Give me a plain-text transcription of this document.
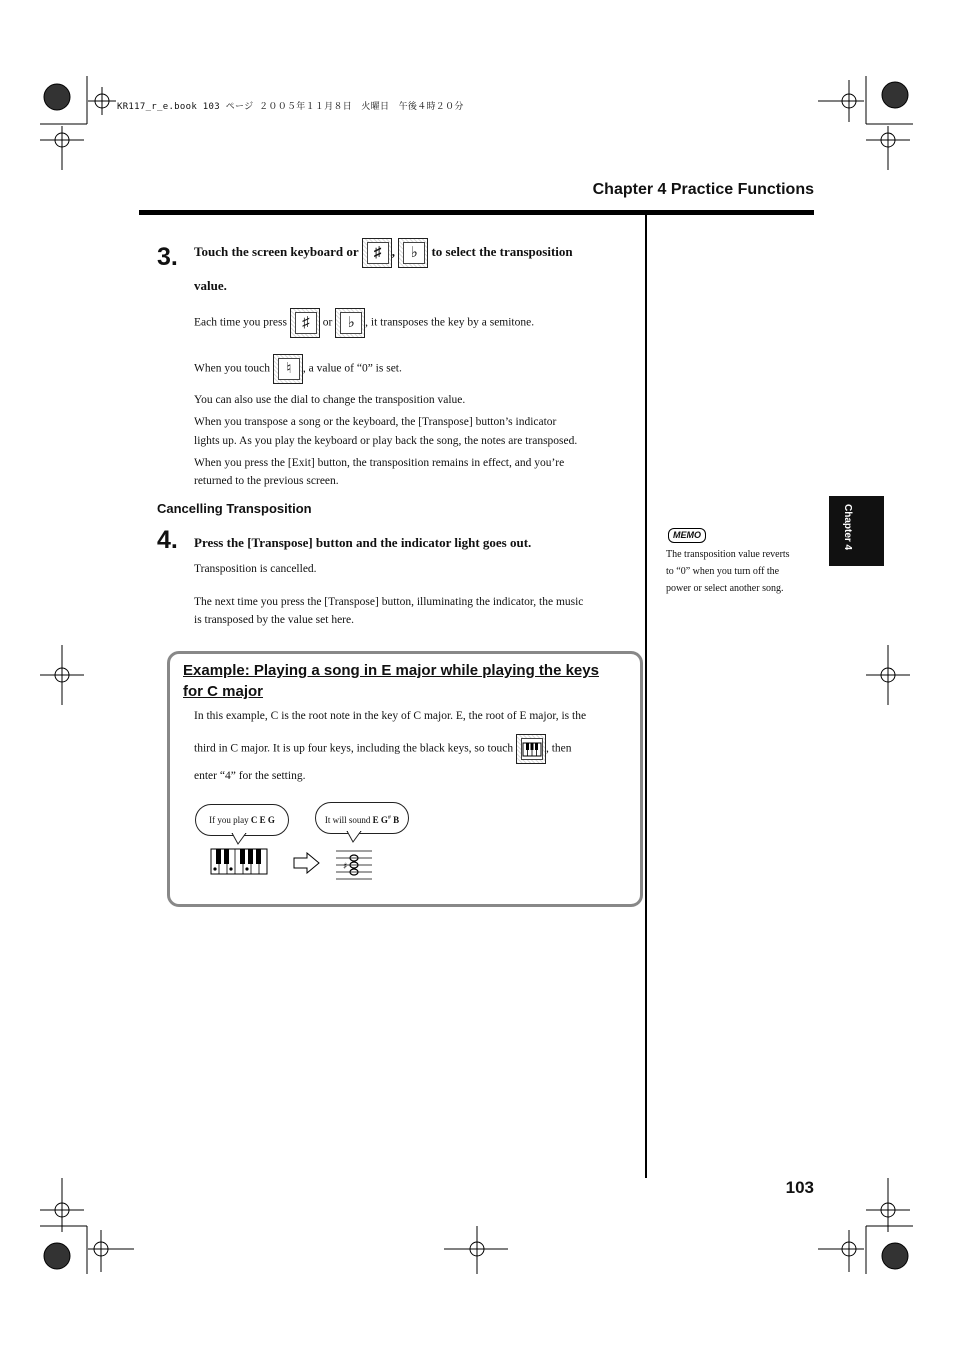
KR117_r_e.book 103 ページ ２００５年１１月８日　火曜日　午後４時２０分
Chapter 4 Practice Functions
3. Touch the screen keyboard or	♯ ,	♭	to select the transposition
value.
Each time you press	♯	or	♭ , it transposes the key by a semitone.
When you touch	♮ , a value of “0” is set.
You can also use the dial to change the transposition value.
When you transpose a song or the keyboard, the [Transpose] button’s indicator
lights up. As you play the keyboard or play back the song, the notes are transposed.
When you press the [Exit] button, the transposition remains in effect, and you’re
returned to the previous screen.
Cancelling Transposition
4. Press the [Transpose] button and the indicator light goes out.
Transposition is cancelled.
The next time you press the [Transpose] button, illuminating the indicator, the music
is transposed by the value set here.
Example: Playing a song in E major while playing the keys
for C major
In this example, C is the root note in the key of C major. E, the root of E major, is the
third in C major. It is up four keys, including the black keys, so touch	, then
enter “4” for the setting.
If you play C E G	It will sound E G# B
♯
Chapter 4
MEMO
The transposition value reverts
to “0” when you turn off the
power or select another song.
103
